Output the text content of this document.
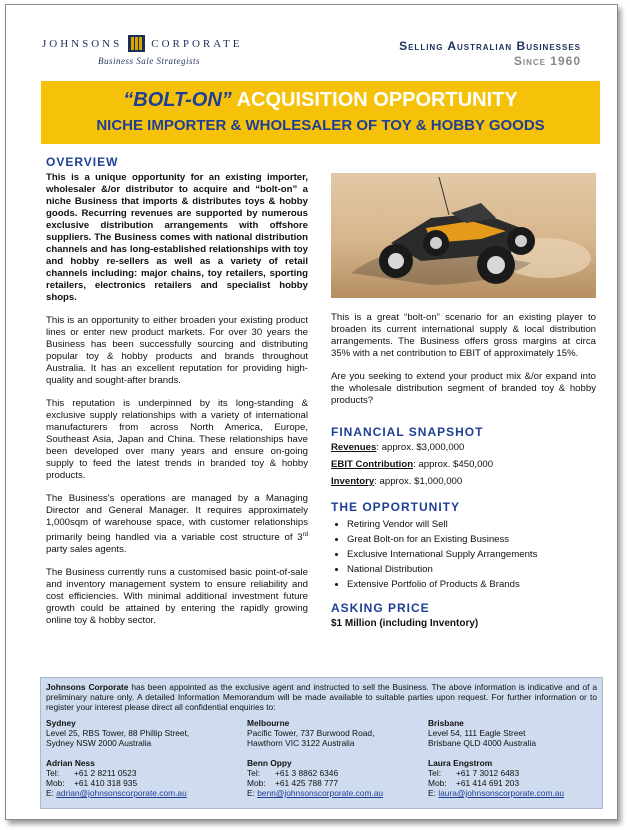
JOHNSONS	CORPORATE
Business Sale Strategists
Selling Australian Businesses
Since 1960
“BOLT-ON” ACQUISITION OPPORTUNITY
NICHE IMPORTER & WHOLESALER OF TOY & HOBBY GOODS
OVERVIEW

This is a unique opportunity for an existing importer, wholesaler &/or distributor to acquire and “bolt-on” a niche Business that imports & distributes toys & hobby goods. Recurring revenues are supported by numerous exclusive distribution arrangements with offshore suppliers. The Business comes with national distribution channels and has long-established relationships with toy and hobby re-sellers as well as a variety of retail channels including: major chains, toy retailers, sporting retailers, electronics retailers and specialist hobby shops.

This is an opportunity to either broaden your existing product lines or enter new product markets. For over 30 years the Business has been successfully sourcing and distributing popular toy & hobby products and brands throughout Australia. It has an excellent reputation for providing high-quality and sought-after brands.

This reputation is underpinned by its long-standing & exclusive supply relationships with a variety of international manufacturers from across North America, Europe, Southeast Asia, Japan and China. These relationships have been developed over many years and ensure on-going supply to feed the latest trends in branded toy & hobby products.

The Business's operations are managed by a Managing Director and General Manager. It requires approximately 1,000sqm of warehouse space, with customer relationships primarily being handled via a variable cost structure of 3rd party sales agents.

The Business currently runs a customised basic point-of-sale and inventory management system to ensure reliability and cost efficiencies. With minimal additional investment future growth could be attained by entering the rapidly growing online toy & hobby sector.

This is a great “bolt-on” scenario for an existing player to broaden its current international supply & local distribution arrangements. The Business offers gross margins at circa 35% with a net contribution to EBIT of approximately 15%.

Are you seeking to extend your product mix &/or expand into the wholesale distribution segment of branded toy & hobby products?

FINANCIAL SNAPSHOT
Revenues: approx. $3,000,000
EBIT Contribution: approx. $450,000
Inventory: approx. $1,000,000
THE OPPORTUNITY
• Retiring Vendor will Sell
• Great Bolt-on for an Existing Business
• Exclusive International Supply Arrangements
• National Distribution
• Extensive Portfolio of Products & Brands
ASKING PRICE
$1 Million (including Inventory)
Johnsons Corporate has been appointed as the exclusive agent and instructed to sell the Business. The above information is indicative and of a preliminary nature only. A detailed Information Memorandum will be made available to suitable parties upon request. For further information or to register your interest please direct all confidential enquiries to:
Sydney
Level 25, RBS Tower, 88 Phillip Street,
Sydney NSW 2000 Australia
Melbourne
Pacific Tower, 737 Burwood Road,
Hawthorn VIC 3122 Australia
Brisbane
Level 54, 111 Eagle Street
Brisbane QLD 4000 Australia
Adrian Ness
Tel: +61 2 8211 0523
Mob: +61 410 318 935
E: adrian@johnsonscorporate.com.au
Benn Oppy
Tel: +61 3 8862 6346
Mob: +61 425 788 777
E: benn@johnsonscorporate.com.au
Laura Engstrom
Tel: +61 7 3012 6483
Mob: +61 414 691 203
E: laura@johnsonscorporate.com.au
